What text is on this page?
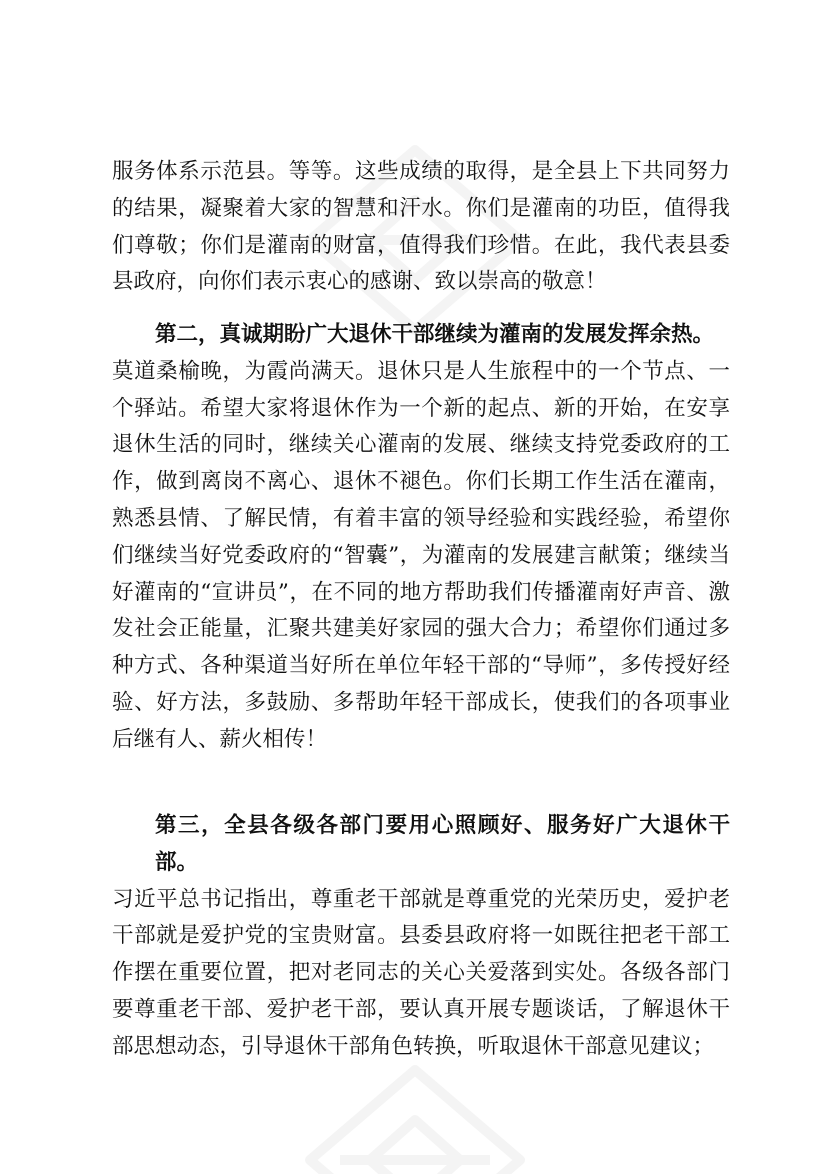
服务体系示范县。等等。这些成绩的取得，是全县上下共同努力的结果，凝聚着大家的智慧和汗水。你们是灌南的功臣，值得我们尊敬；你们是灌南的财富，值得我们珍惜。在此，我代表县委县政府，向你们表示衷心的感谢、致以崇高的敬意！

第二，真诚期盼广大退休干部继续为灌南的发展发挥余热。

莫道桑榆晚，为霞尚满天。退休只是人生旅程中的一个节点、一个驿站。希望大家将退休作为一个新的起点、新的开始，在安享退休生活的同时，继续关心灌南的发展、继续支持党委政府的工作，做到离岗不离心、退休不褪色。你们长期工作生活在灌南，熟悉县情、了解民情，有着丰富的领导经验和实践经验，希望你们继续当好党委政府的“智囊”，为灌南的发展建言献策；继续当好灌南的“宣讲员”，在不同的地方帮助我们传播灌南好声音、激发社会正能量，汇聚共建美好家园的强大合力；希望你们通过多种方式、各种渠道当好所在单位年轻干部的“导师”，多传授好经验、好方法，多鼓励、多帮助年轻干部成长，使我们的各项事业后继有人、薪火相传！

第三，全县各级各部门要用心照顾好、服务好广大退休干部。

习近平总书记指出，尊重老干部就是尊重党的光荣历史，爱护老干部就是爱护党的宝贵财富。县委县政府将一如既往把老干部工作摆在重要位置，把对老同志的关心关爱落到实处。各级各部门要尊重老干部、爱护老干部，要认真开展专题谈话，了解退休干部思想动态，引导退休干部角色转换，听取退休干部意见建议；
